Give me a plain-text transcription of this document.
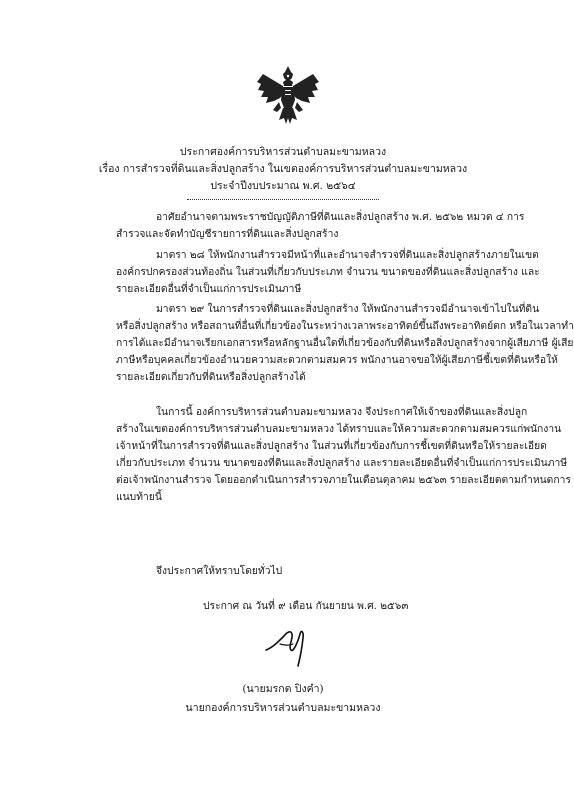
ประกาศองค์การบริหารส่วนตำบลมะขามหลวง
เรื่อง การสำรวจที่ดินและสิ่งปลูกสร้าง ในเขตองค์การบริหารส่วนตำบลมะขามหลวง
ประจำปีงบประมาณ พ.ศ. ๒๕๖๔
อาศัยอำนาจตามพระราชบัญญัติภาษีที่ดินและสิ่งปลูกสร้าง พ.ศ. ๒๕๖๒ หมวด ๔ การ
สำรวจและจัดทำบัญชีรายการที่ดินและสิ่งปลูกสร้าง
มาตรา ๒๘ ให้พนักงานสำรวจมีหน้าที่และอำนาจสำรวจที่ดินและสิ่งปลูกสร้างภายในเขต
องค์กรปกครองส่วนท้องถิ่น ในส่วนที่เกี่ยวกับประเภท จำนวน ขนาดของที่ดินและสิ่งปลูกสร้าง และ
รายละเอียดอื่นที่จำเป็นแก่การประเมินภาษี
มาตรา ๒๙ ในการสำรวจที่ดินและสิ่งปลูกสร้าง ให้พนักงานสำรวจมีอำนาจเข้าไปในที่ดิน
หรือสิ่งปลูกสร้าง หรือสถานที่อื่นที่เกี่ยวข้องในระหว่างเวลาพระอาทิตย์ขึ้นถึงพระอาทิตย์ตก หรือในเวลาทำ
การได้และมีอำนาจเรียกเอกสารหรือหลักฐานอื่นใดที่เกี่ยวข้องกับที่ดินหรือสิ่งปลูกสร้างจากผู้เสียภาษี ผู้เสีย
ภาษีหรือบุคคลเกี่ยวข้องอำนวยความสะดวกตามสมควร พนักงานอาจขอให้ผู้เสียภาษีชี้เขตที่ดินหรือให้
รายละเอียดเกี่ยวกับที่ดินหรือสิ่งปลูกสร้างได้
ในการนี้ องค์การบริหารส่วนตำบลมะขามหลวง จึงประกาศให้เจ้าของที่ดินและสิ่งปลูก
สร้างในเขตองค์การบริหารส่วนตำบลมะขามหลวง ได้ทราบและให้ความสะดวกตามสมควรแก่พนักงาน
เจ้าหน้าที่ในการสำรวจที่ดินและสิ่งปลูกสร้าง ในส่วนที่เกี่ยวข้องกับการชี้เขตที่ดินหรือให้รายละเอียด
เกี่ยวกับประเภท จำนวน ขนาดของที่ดินและสิ่งปลูกสร้าง และรายละเอียดอื่นที่จำเป็นแก่การประเมินภาษี
ต่อเจ้าพนักงานสำรวจ โดยออกดำเนินการสำรวจภายในเดือนตุลาคม ๒๕๖๓ รายละเอียดตามกำหนดการ
แนบท้ายนี้
จึงประกาศให้ทราบโดยทั่วไป
ประกาศ ณ วันที่ ๙ เดือน กันยายน พ.ศ. ๒๕๖๓
(นายมรกต ปิงคำ)
นายกองค์การบริหารส่วนตำบลมะขามหลวง
